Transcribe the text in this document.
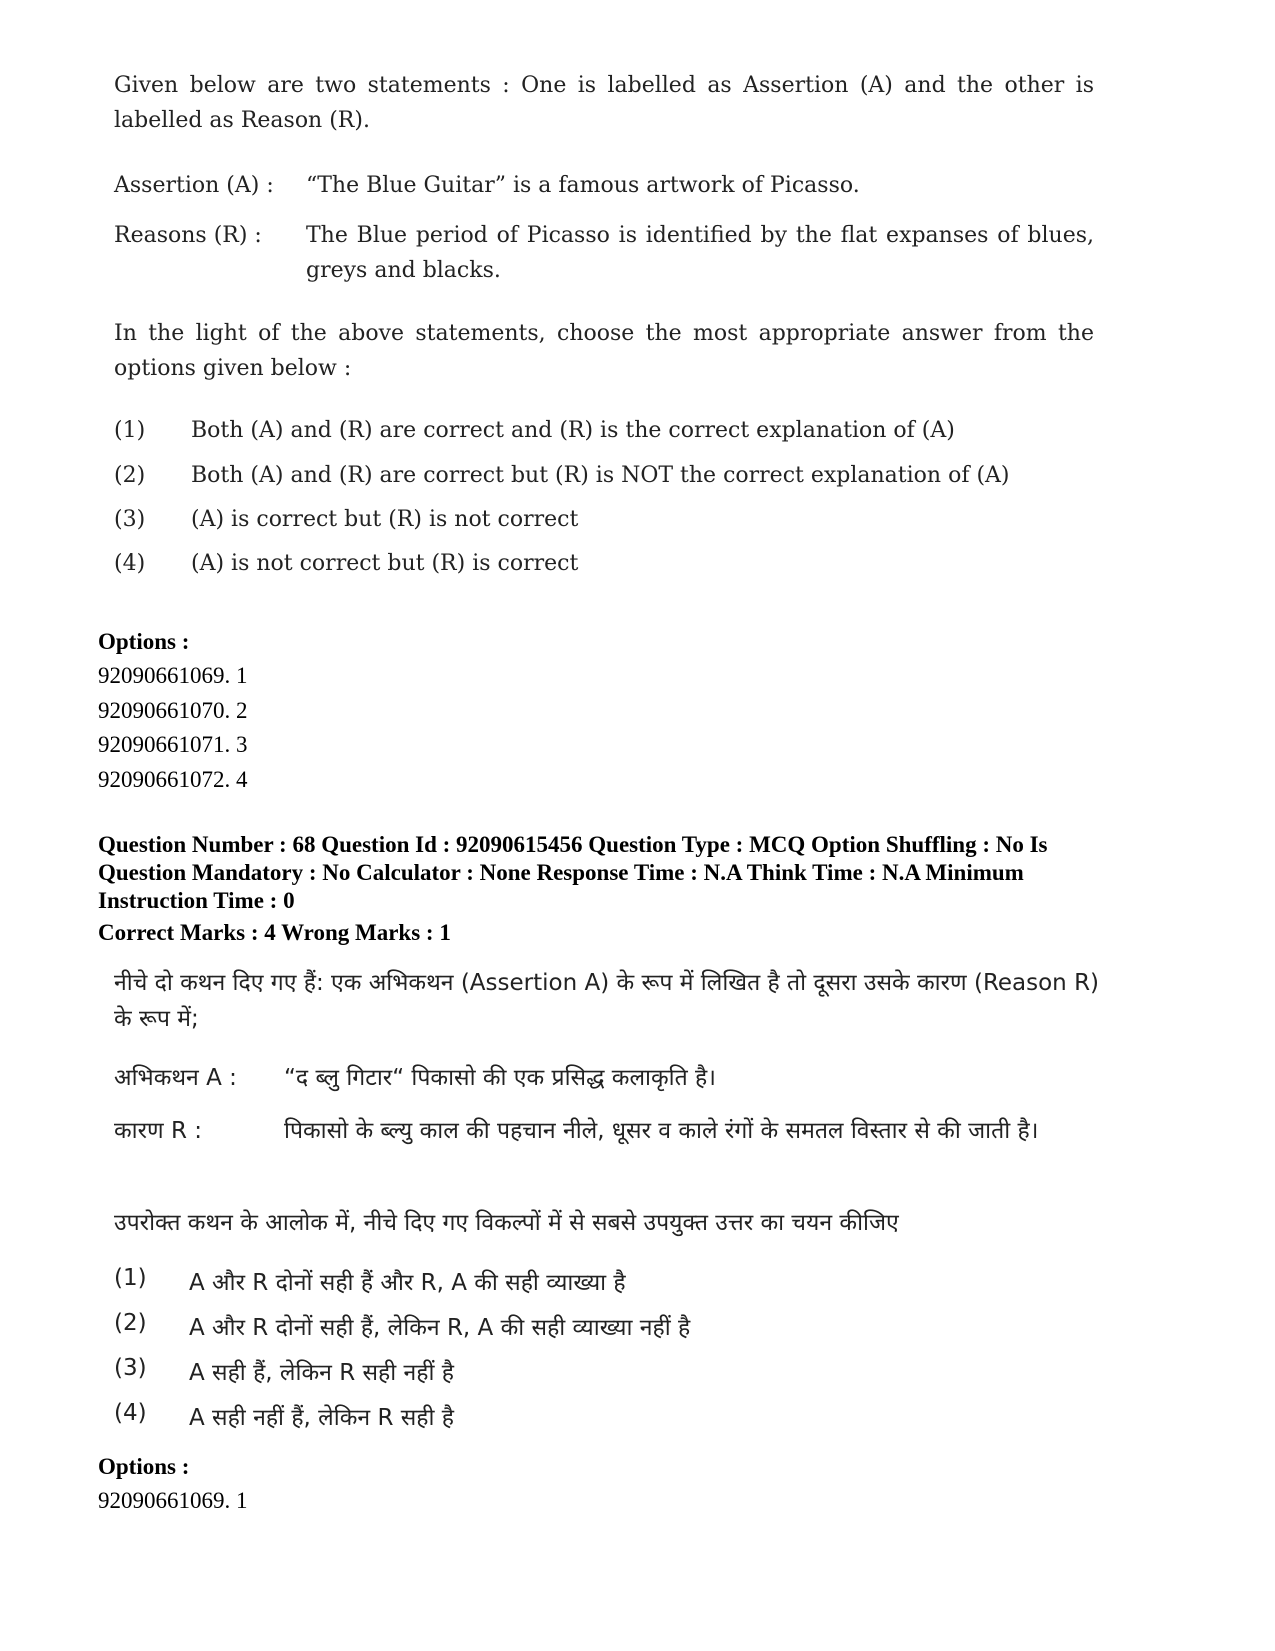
Given below are two statements : One is labelled as Assertion (A) and the other is labelled as Reason (R).
Assertion (A) : “The Blue Guitar” is a famous artwork of Picasso.
Reasons (R) : The Blue period of Picasso is identified by the flat expanses of blues, greys and blacks.
In the light of the above statements, choose the most appropriate answer from the options given below :
(1) Both (A) and (R) are correct and (R) is the correct explanation of (A)
(2) Both (A) and (R) are correct but (R) is NOT the correct explanation of (A)
(3) (A) is correct but (R) is not correct
(4) (A) is not correct but (R) is correct
Options :
92090661069. 1
92090661070. 2
92090661071. 3
92090661072. 4
Question Number : 68 Question Id : 92090615456 Question Type : MCQ Option Shuffling : No Is Question Mandatory : No Calculator : None Response Time : N.A Think Time : N.A Minimum Instruction Time : 0
Correct Marks : 4 Wrong Marks : 1
नीचे दो कथन दिए गए हैं: एक अभिकथन (Assertion A) के रूप में लिखित है तो दूसरा उसके कारण (Reason R) के रूप में;
अभिकथन A : “द ब्लु गिटार“ पिकासो की एक प्रसिद्ध कलाकृति है।
कारण R :	पिकासो के ब्ल्यु काल की पहचान नीले, धूसर व काले रंगों के समतल विस्तार से की जाती है।
उपरोक्त कथन के आलोक में, नीचे दिए गए विकल्पों में से सबसे उपयुक्त उत्तर का चयन कीजिए
(1) A और R दोनों सही हैं और R, A की सही व्याख्या है
(2) A और R दोनों सही हैं, लेकिन R, A की सही व्याख्या नहीं है
(3) A सही हैं, लेकिन R सही नहीं है
(4) A सही नहीं हैं, लेकिन R सही है
Options :
92090661069. 1
